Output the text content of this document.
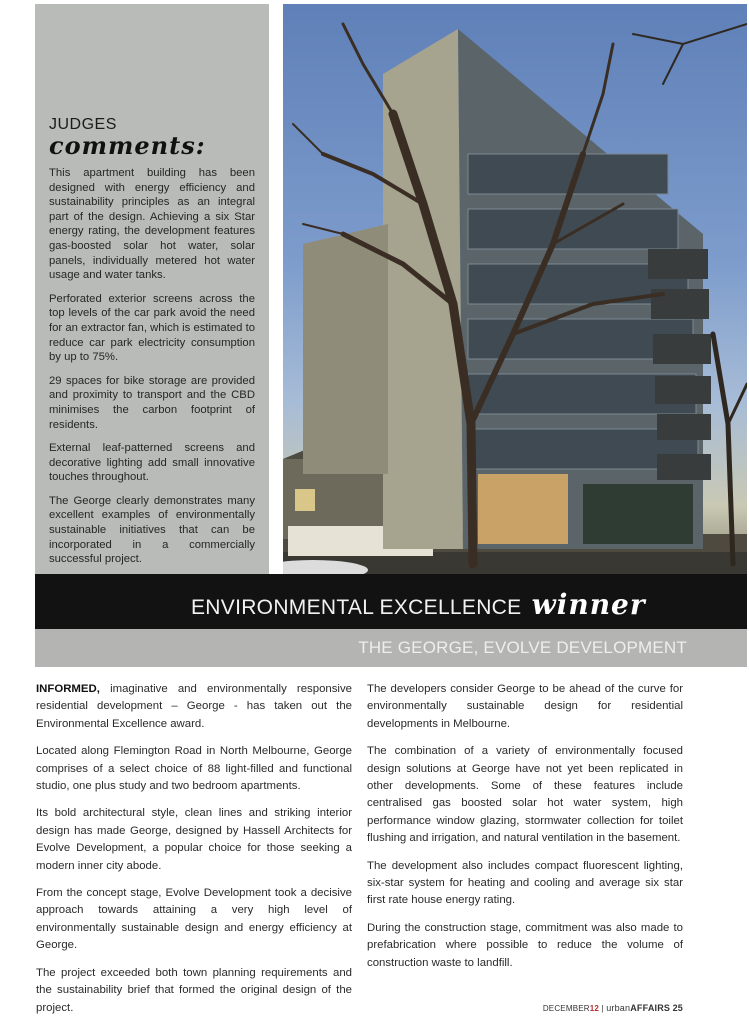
JUDGES
comments:

This apartment building has been designed with energy efficiency and sustainability principles as an integral part of the design. Achieving a six Star energy rating, the development features gas-boosted solar hot water, solar panels, individually metered hot water usage and water tanks.

Perforated exterior screens across the top levels of the car park avoid the need for an extractor fan, which is estimated to reduce car park electricity consumption by up to 75%.

29 spaces for bike storage are provided and proximity to transport and the CBD minimises the carbon footprint of residents.

External leaf-patterned screens and decorative lighting add small innovative touches throughout.

The George clearly demonstrates many excellent examples of environmentally sustainable initiatives that can be incorporated in a commercially successful project.

ENVIRONMENTAL EXCELLENCE winner
THE GEORGE, EVOLVE DEVELOPMENT

INFORMED, imaginative and environmentally responsive residential development – George - has taken out the Environmental Excellence award.

Located along Flemington Road in North Melbourne, George comprises of a select choice of 88 light-filled and functional studio, one plus study and two bedroom apartments.

Its bold architectural style, clean lines and striking interior design has made George, designed by Hassell Architects for Evolve Development, a popular choice for those seeking a modern inner city abode.

From the concept stage, Evolve Development took a decisive approach towards attaining a very high level of environmentally sustainable design and energy efficiency at George.

The project exceeded both town planning requirements and the sustainability brief that formed the original design of the project.

The developers consider George to be ahead of the curve for environmentally sustainable design for residential developments in Melbourne.

The combination of a variety of environmentally focused design solutions at George have not yet been replicated in other developments. Some of these features include centralised gas boosted solar hot water system, high performance window glazing, stormwater collection for toilet flushing and irrigation, and natural ventilation in the basement.

The development also includes compact fluorescent lighting, six-star system for heating and cooling and average six star first rate house energy rating.

During the construction stage, commitment was also made to prefabrication where possible to reduce the volume of construction waste to landfill.

DECEMBER12 | urbanAFFAIRS 25
